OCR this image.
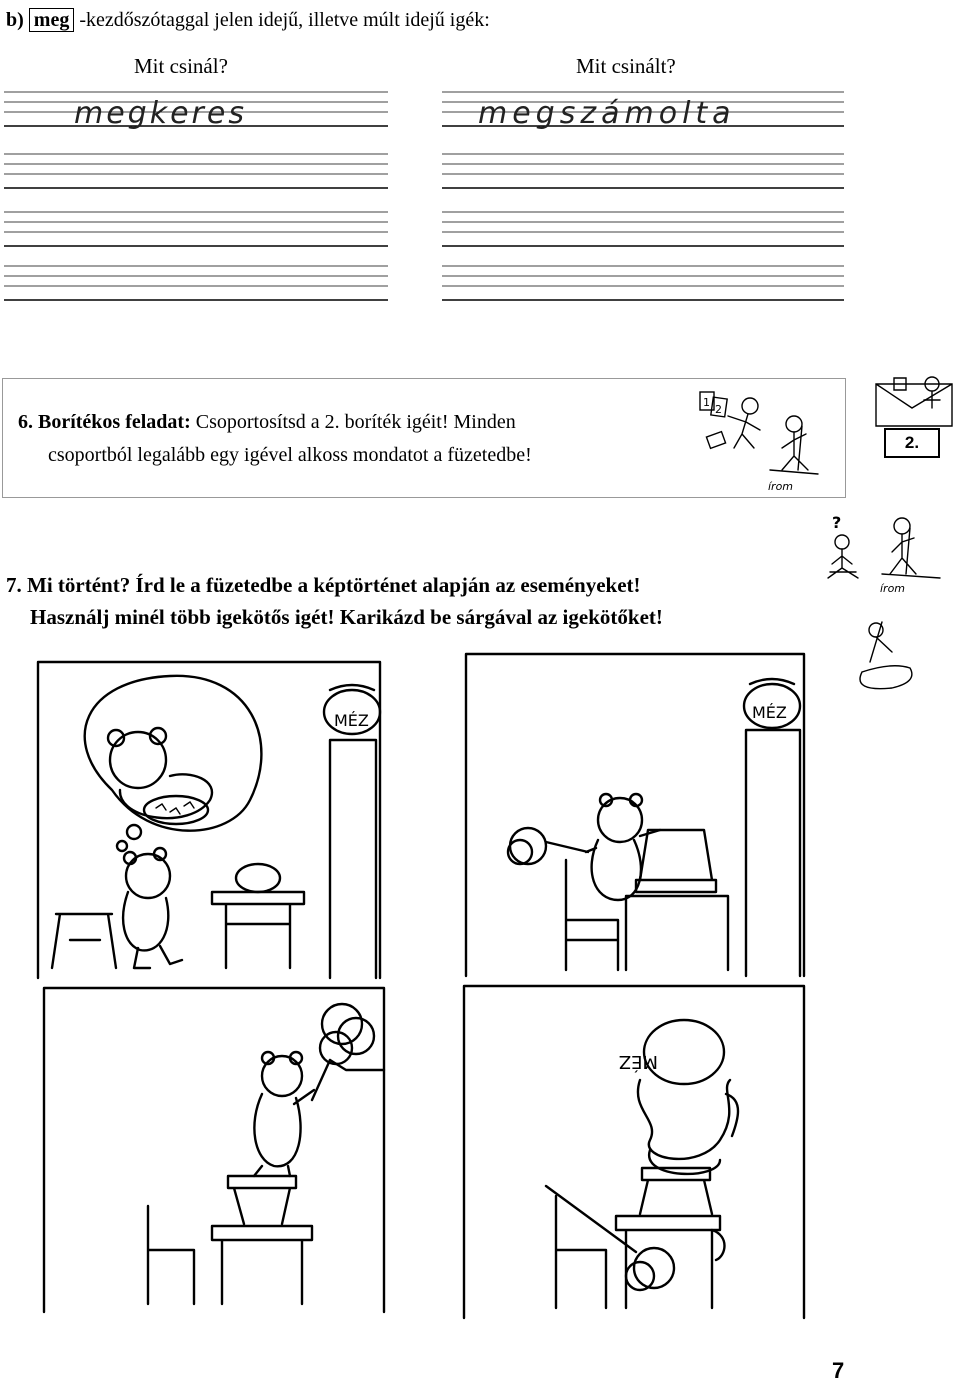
b) meg -kezdőszótaggal jelen idejű, illetve múlt idejű igék:
Mit csinál?	Mit csinált?
megkeres	megszámolta
6. Borítékos feladat: Csoportosítsd a 2. boríték igéit! Minden
csoportból legalább egy igével alkoss mondatot a füzetedbe!
1
2
írom
2.
7. Mi történt? Írd le a füzetedbe a képtörténet alapján az eseményeket!
Használj minél több igekötős igét! Karikázd be sárgával az igekötőket!
?
írom
MÉZ	MÉZ
MÉZ
7
